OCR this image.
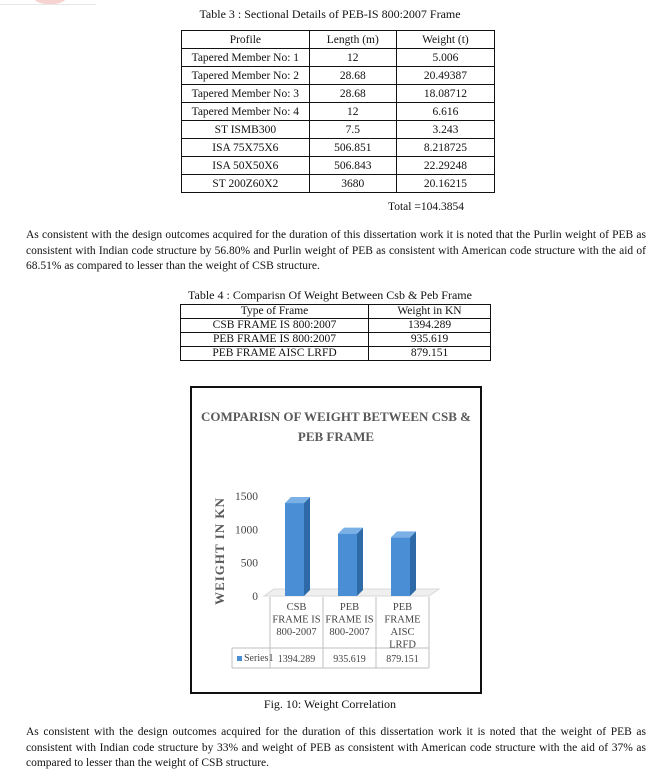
Table 3 : Sectional Details of PEB-IS 800:2007 Frame
Profile	Length (m)	Weight (t)
Tapered Member No: 1	12	5.006
Tapered Member No: 2	28.68	20.49387
Tapered Member No: 3	28.68	18.08712
Tapered Member No: 4	12	6.616
ST ISMB300	7.5	3.243
ISA 75X75X6	506.851	8.218725
ISA 50X50X6	506.843	22.29248
ST 200Z60X2	3680	20.16215
Total =104.3854
As consistent with the design outcomes acquired for the duration of this dissertation work it is noted that the Purlin weight of PEB as consistent with Indian code structure by 56.80% and Purlin weight of PEB as consistent with American code structure with the aid of 68.51% as compared to lesser than the weight of CSB structure.
Table 4 : Comparisn Of Weight Between Csb & Peb Frame
Type of Frame	Weight in KN
CSB FRAME IS 800:2007	1394.289
PEB FRAME IS 800:2007	935.619
PEB FRAME AISC LRFD	879.151
COMPARISN OF WEIGHT BETWEEN CSB &
PEB FRAME
WEIGHT IN KN 0
500
1000
1500
CSB
FRAME IS
800-2007
PEB
FRAME IS
800-2007
PEB
FRAME
AISC
LRFD
Series1 1394.289 935.619 879.151
Fig. 10: Weight Correlation
As consistent with the design outcomes acquired for the duration of this dissertation work it is noted that the weight of PEB as consistent with Indian code structure by 33% and weight of PEB as consistent with American code structure with the aid of 37% as compared to lesser than the weight of CSB structure.
